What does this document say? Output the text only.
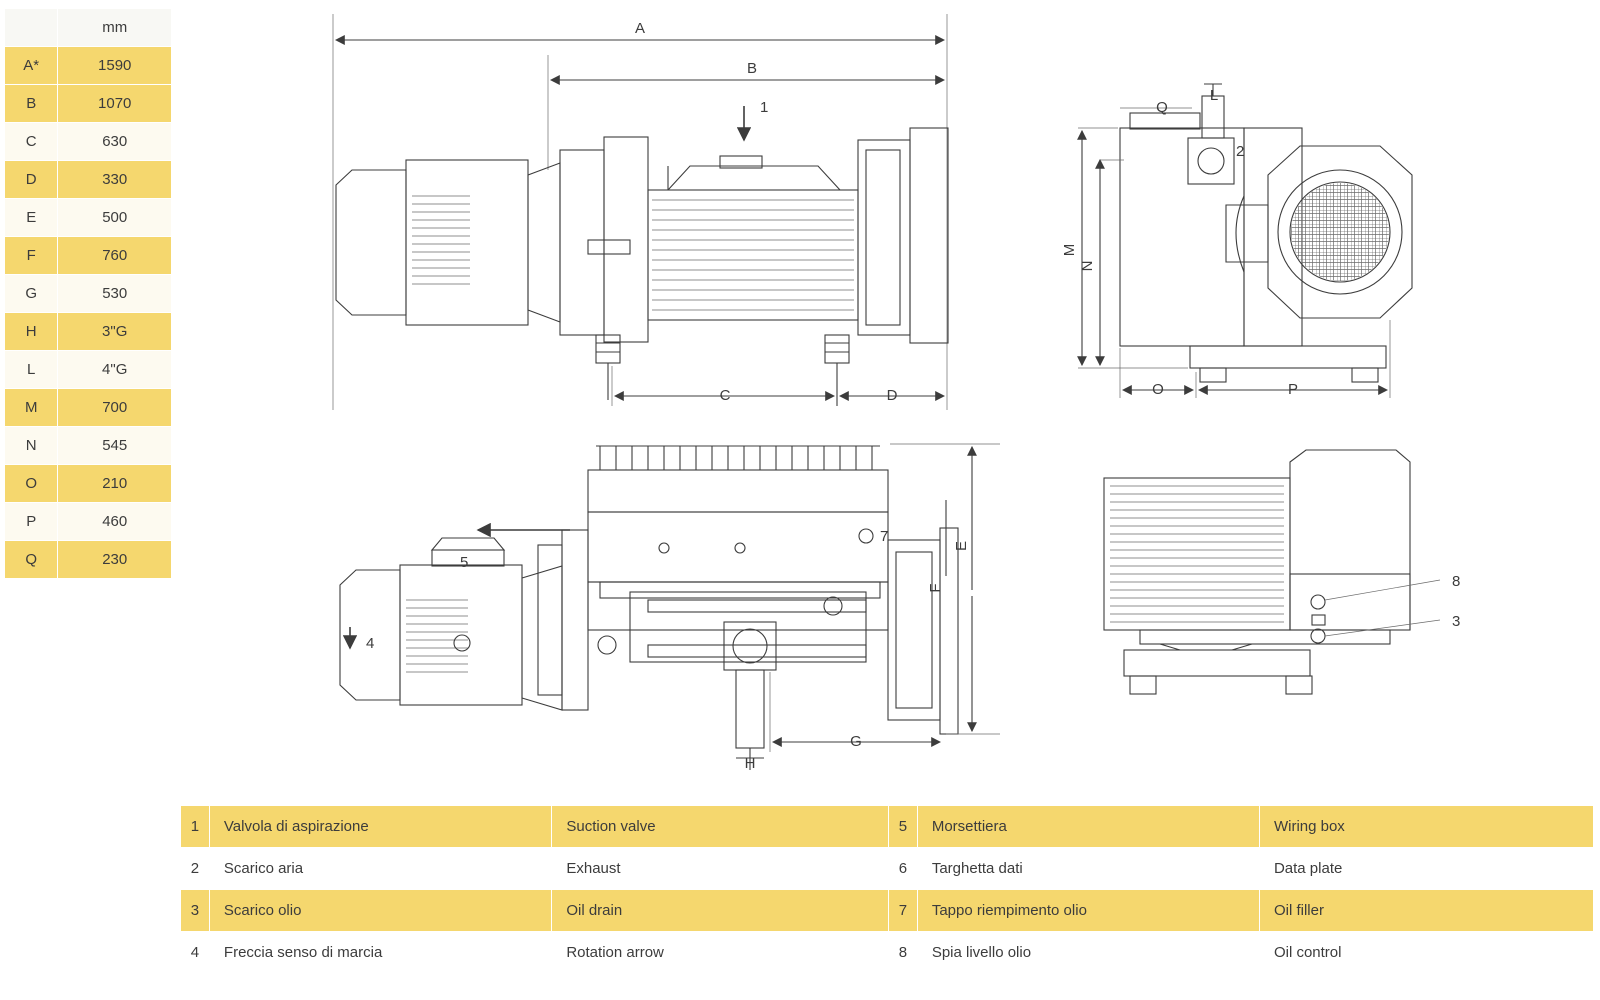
	mm
A*	1590
B	1070
C	630
D	330
E	500
F	760
G	530
H	3"G
L	4"G
M	700
N	545
O	210
P	460
Q	230
1	Valvola di aspirazione	Suction valve	5	Morsettiera	Wiring box
2	Scarico aria	Exhaust	6	Targhetta dati	Data plate
3	Scarico olio	Oil drain	7	Tappo riempimento olio	Oil filler
4	Freccia senso di marcia	Rotation arrow	8	Spia livello olio	Oil control
A
B
1
C	D
2
Q
L
M
N
O	P
5
4
H
7
E
F
G
8
3
